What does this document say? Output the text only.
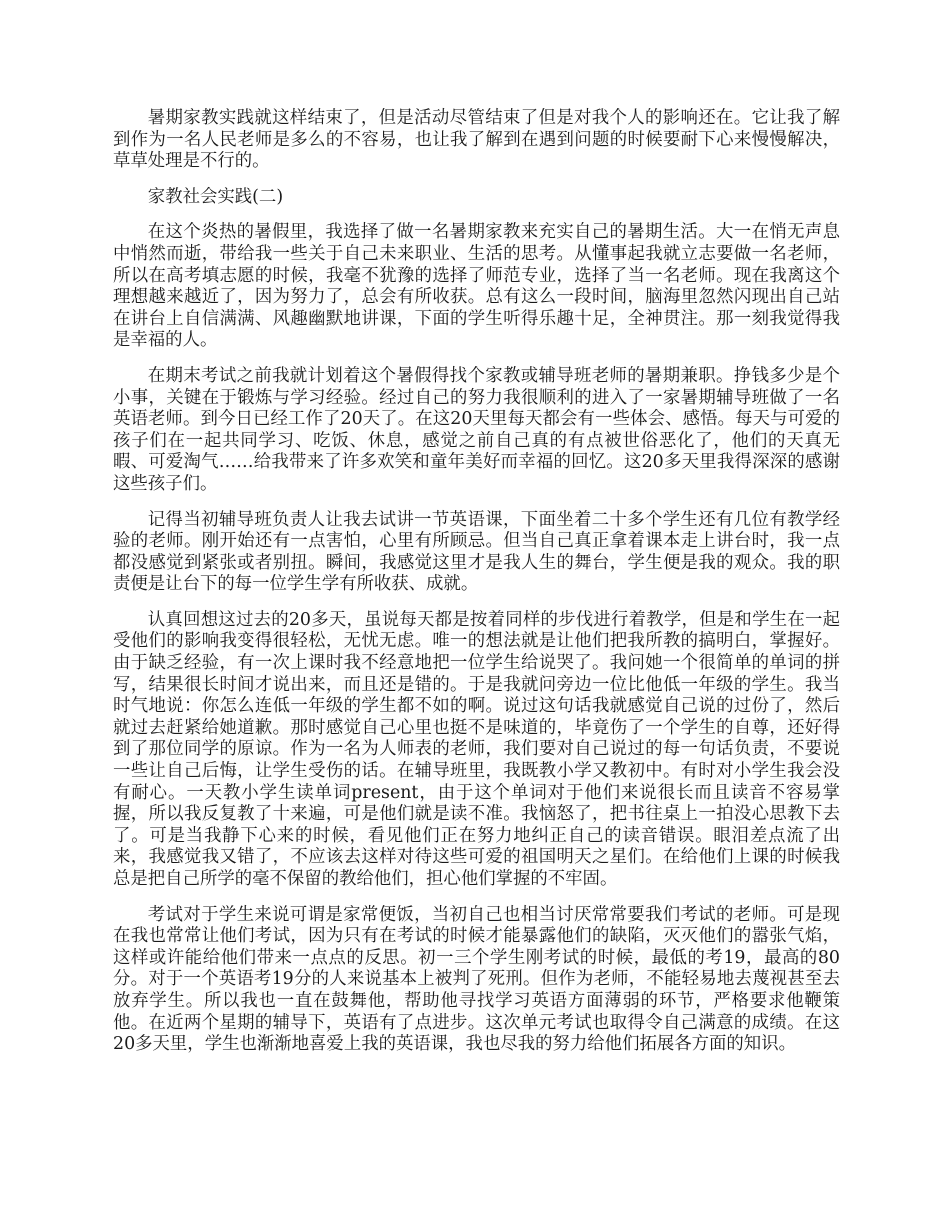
暑期家教实践就这样结束了，但是活动尽管结束了但是对我个人的影响还在。它让我了解到作为一名人民老师是多么的不容易，也让我了解到在遇到问题的时候要耐下心来慢慢解决，草草处理是不行的。

家教社会实践(二)

在这个炎热的暑假里，我选择了做一名暑期家教来充实自己的暑期生活。大一在悄无声息中悄然而逝，带给我一些关于自己未来职业、生活的思考。从懂事起我就立志要做一名老师，所以在高考填志愿的时候，我毫不犹豫的选择了师范专业，选择了当一名老师。现在我离这个理想越来越近了，因为努力了，总会有所收获。总有这么一段时间，脑海里忽然闪现出自己站在讲台上自信满满、风趣幽默地讲课，下面的学生听得乐趣十足，全神贯注。那一刻我觉得我是幸福的人。

在期末考试之前我就计划着这个暑假得找个家教或辅导班老师的暑期兼职。挣钱多少是个小事，关键在于锻炼与学习经验。经过自己的努力我很顺利的进入了一家暑期辅导班做了一名英语老师。到今日已经工作了20天了。在这20天里每天都会有一些体会、感悟。每天与可爱的孩子们在一起共同学习、吃饭、休息，感觉之前自己真的有点被世俗恶化了，他们的天真无暇、可爱淘气……给我带来了许多欢笑和童年美好而幸福的回忆。这20多天里我得深深的感谢这些孩子们。

记得当初辅导班负责人让我去试讲一节英语课，下面坐着二十多个学生还有几位有教学经验的老师。刚开始还有一点害怕，心里有所顾忌。但当自己真正拿着课本走上讲台时，我一点都没感觉到紧张或者别扭。瞬间，我感觉这里才是我人生的舞台，学生便是我的观众。我的职责便是让台下的每一位学生学有所收获、成就。

认真回想这过去的20多天，虽说每天都是按着同样的步伐进行着教学，但是和学生在一起受他们的影响我变得很轻松，无忧无虑。唯一的想法就是让他们把我所教的搞明白，掌握好。由于缺乏经验，有一次上课时我不经意地把一位学生给说哭了。我问她一个很简单的单词的拼写，结果很长时间才说出来，而且还是错的。于是我就问旁边一位比他低一年级的学生。我当时气地说：你怎么连低一年级的学生都不如的啊。说过这句话我就感觉自己说的过份了，然后就过去赶紧给她道歉。那时感觉自己心里也挺不是味道的，毕竟伤了一个学生的自尊，还好得到了那位同学的原谅。作为一名为人师表的老师，我们要对自己说过的每一句话负责，不要说一些让自己后悔，让学生受伤的话。在辅导班里，我既教小学又教初中。有时对小学生我会没有耐心。一天教小学生读单词present，由于这个单词对于他们来说很长而且读音不容易掌握，所以我反复教了十来遍，可是他们就是读不准。我恼怒了，把书往桌上一拍没心思教下去了。可是当我静下心来的时候，看见他们正在努力地纠正自己的读音错误。眼泪差点流了出来，我感觉我又错了，不应该去这样对待这些可爱的祖国明天之星们。在给他们上课的时候我总是把自己所学的毫不保留的教给他们，担心他们掌握的不牢固。

考试对于学生来说可谓是家常便饭，当初自己也相当讨厌常常要我们考试的老师。可是现在我也常常让他们考试，因为只有在考试的时候才能暴露他们的缺陷，灭灭他们的嚣张气焰，这样或许能给他们带来一点点的反思。初一三个学生刚考试的时候，最低的考19，最高的80分。对于一个英语考19分的人来说基本上被判了死刑。但作为老师，不能轻易地去蔑视甚至去放弃学生。所以我也一直在鼓舞他，帮助他寻找学习英语方面薄弱的环节，严格要求他鞭策他。在近两个星期的辅导下，英语有了点进步。这次单元考试也取得令自己满意的成绩。在这20多天里，学生也渐渐地喜爱上我的英语课，我也尽我的努力给他们拓展各方面的知识。
